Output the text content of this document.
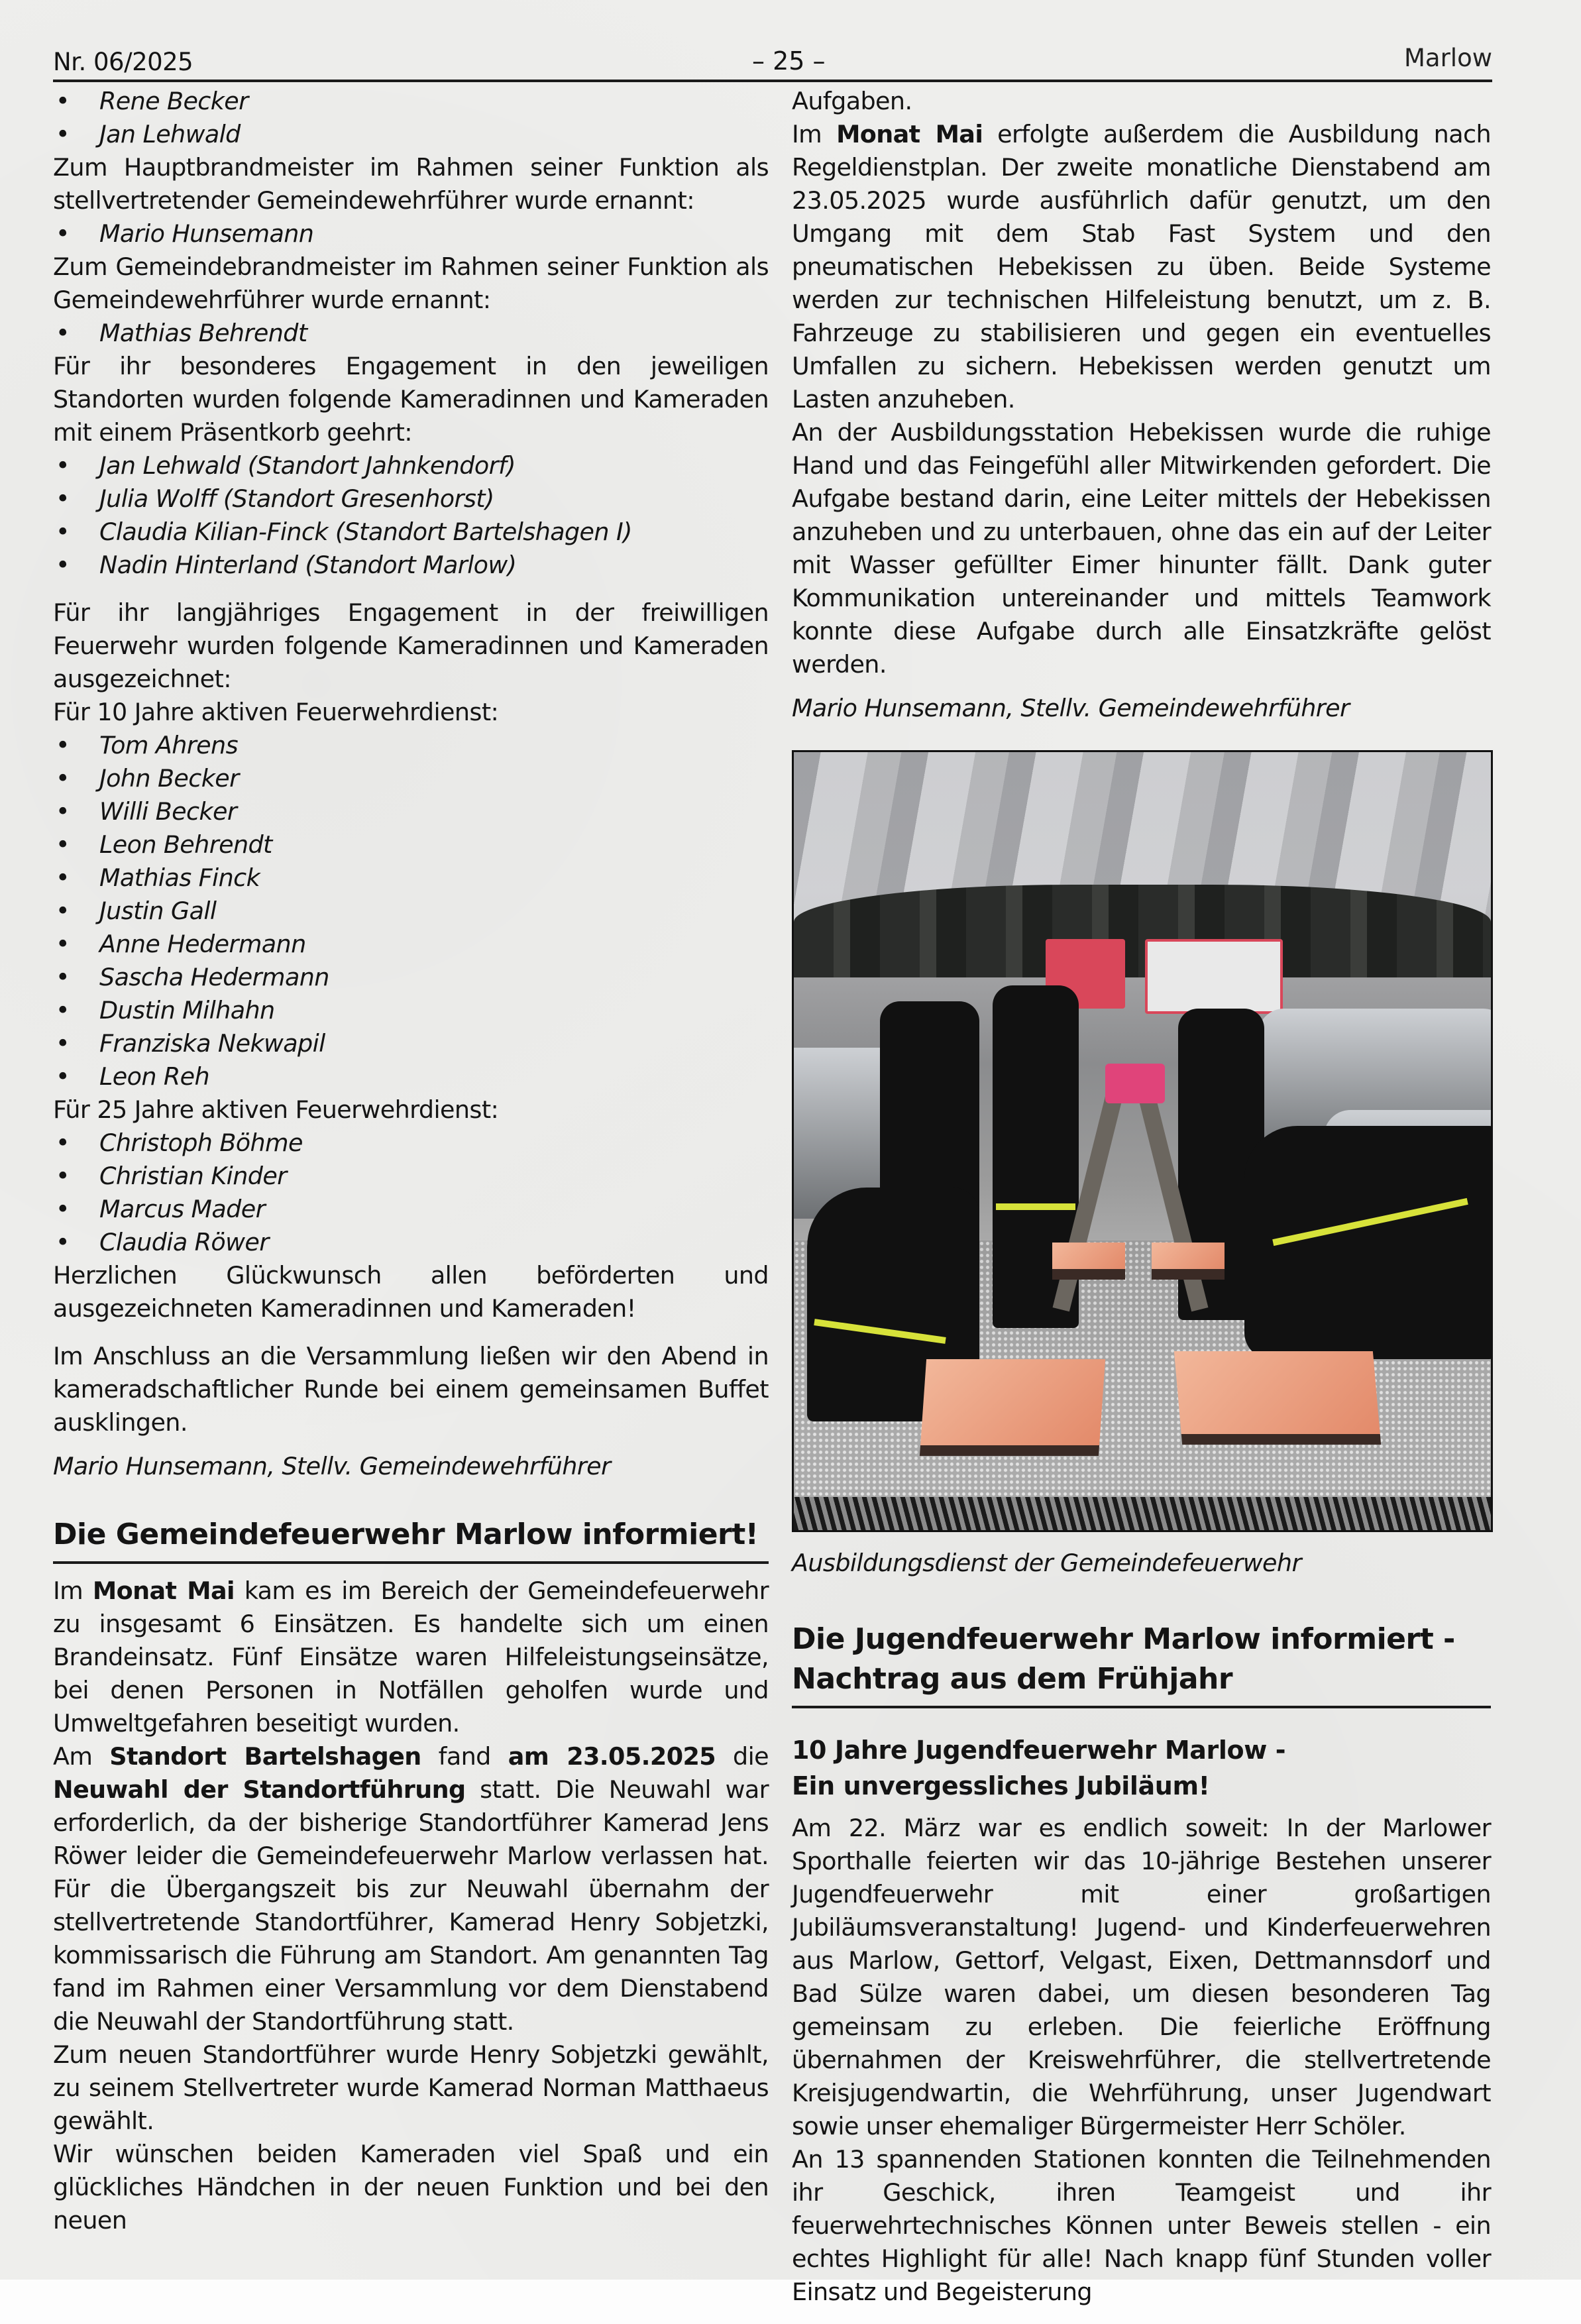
Nr. 06/2025	– 25 –	Marlow
• Rene Becker
• Jan Lehwald

Zum Hauptbrandmeister im Rahmen seiner Funktion als stellvertretender Gemeindewehrführer wurde ernannt:

• Mario Hunsemann

Zum Gemeindebrandmeister im Rahmen seiner Funktion als Gemeindewehrführer wurde ernannt:

• Mathias Behrendt

Für ihr besonderes Engagement in den jeweiligen Standorten wurden folgende Kameradinnen und Kameraden mit einem Präsentkorb geehrt:

• Jan Lehwald (Standort Jahnkendorf)
• Julia Wolff (Standort Gresenhorst)
• Claudia Kilian-Finck (Standort Bartelshagen I)
• Nadin Hinterland (Standort Marlow)

Für ihr langjähriges Engagement in der freiwilligen Feuerwehr wurden folgende Kameradinnen und Kameraden ausgezeichnet:

Für 10 Jahre aktiven Feuerwehrdienst:

• Tom Ahrens
• John Becker
• Willi Becker
• Leon Behrendt
• Mathias Finck
• Justin Gall
• Anne Hedermann
• Sascha Hedermann
• Dustin Milhahn
• Franziska Nekwapil
• Leon Reh

Für 25 Jahre aktiven Feuerwehrdienst:

• Christoph Böhme
• Christian Kinder
• Marcus Mader
• Claudia Röwer

Herzlichen Glückwunsch allen beförderten und ausgezeichneten Kameradinnen und Kameraden!

Im Anschluss an die Versammlung ließen wir den Abend in kameradschaftlicher Runde bei einem gemeinsamen Buffet ausklingen.

Mario Hunsemann, Stellv. Gemeindewehrführer

Die Gemeindefeuerwehr Marlow informiert!

Im Monat Mai kam es im Bereich der Gemeindefeuerwehr zu insgesamt 6 Einsätzen. Es handelte sich um einen Brandeinsatz. Fünf Einsätze waren Hilfeleistungseinsätze, bei denen Personen in Notfällen geholfen wurde und Umweltgefahren beseitigt wurden.

Am Standort Bartelshagen fand am 23.05.2025 die Neuwahl der Standortführung statt. Die Neuwahl war erforderlich, da der bisherige Standortführer Kamerad Jens Röwer leider die Gemeindefeuerwehr Marlow verlassen hat. Für die Übergangszeit bis zur Neuwahl übernahm der stellvertretende Standortführer, Kamerad Henry Sobjetzki, kommissarisch die Führung am Standort. Am genannten Tag fand im Rahmen einer Versammlung vor dem Dienstabend die Neuwahl der Standortführung statt.

Zum neuen Standortführer wurde Henry Sobjetzki gewählt, zu seinem Stellvertreter wurde Kamerad Norman Matthaeus gewählt.

Wir wünschen beiden Kameraden viel Spaß und ein glückliches Händchen in der neuen Funktion und bei den neuen

Aufgaben.

Im Monat Mai erfolgte außerdem die Ausbildung nach Regeldienstplan. Der zweite monatliche Dienstabend am 23.05.2025 wurde ausführlich dafür genutzt, um den Umgang mit dem Stab Fast System und den pneumatischen Hebekissen zu üben. Beide Systeme werden zur technischen Hilfeleistung benutzt, um z. B. Fahrzeuge zu stabilisieren und gegen ein eventuelles Umfallen zu sichern. Hebekissen werden genutzt um Lasten anzuheben.

An der Ausbildungsstation Hebekissen wurde die ruhige Hand und das Feingefühl aller Mitwirkenden gefordert. Die Aufgabe bestand darin, eine Leiter mittels der Hebekissen anzuheben und zu unterbauen, ohne das ein auf der Leiter mit Wasser gefüllter Eimer hinunter fällt. Dank guter Kommunikation untereinander und mittels Teamwork konnte diese Aufgabe durch alle Einsatzkräfte gelöst werden.

Mario Hunsemann, Stellv. Gemeindewehrführer

Ausbildungsdienst der Gemeindefeuerwehr

Die Jugendfeuerwehr Marlow informiert - Nachtrag aus dem Frühjahr
10 Jahre Jugendfeuerwehr Marlow -
Ein unvergessliches Jubiläum!

Am 22. März war es endlich soweit: In der Marlower Sporthalle feierten wir das 10-jährige Bestehen unserer Jugendfeuerwehr mit einer großartigen Jubiläumsveranstaltung! Jugend- und Kinderfeuerwehren aus Marlow, Gettorf, Velgast, Eixen, Dettmannsdorf und Bad Sülze waren dabei, um diesen besonderen Tag gemeinsam zu erleben. Die feierliche Eröffnung übernahmen der Kreiswehrführer, die stellvertretende Kreisjugendwartin, die Wehrführung, unser Jugendwart sowie unser ehemaliger Bürgermeister Herr Schöler.

An 13 spannenden Stationen konnten die Teilnehmenden ihr Geschick, ihren Teamgeist und ihr feuerwehrtechnisches Können unter Beweis stellen - ein echtes Highlight für alle! Nach knapp fünf Stunden voller Einsatz und Begeisterung
